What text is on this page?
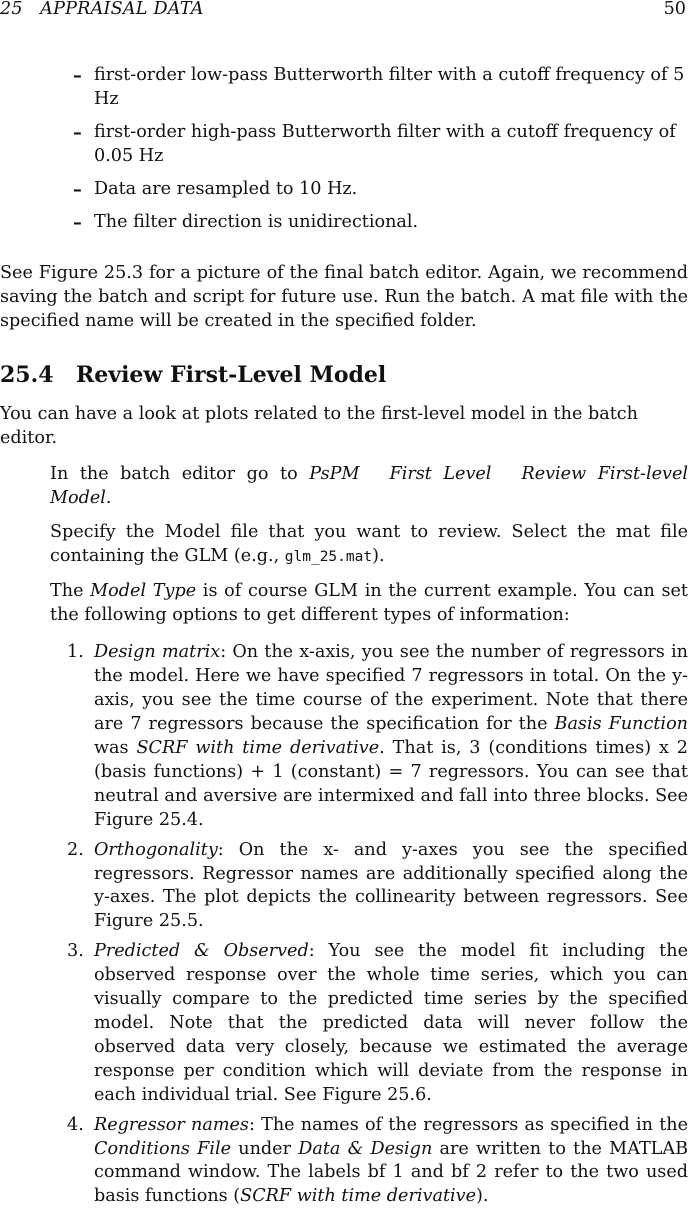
25   APPRAISAL DATA	50
– first-order low-pass Butterworth filter with a cutoff frequency of 5 Hz
– first-order high-pass Butterworth filter with a cutoff frequency of 0.05 Hz
– Data are resampled to 10 Hz.
– The filter direction is unidirectional.

See Figure 25.3 for a picture of the final batch editor. Again, we recommend saving the batch and script for future use. Run the batch. A mat file with the specified name will be created in the specified folder.

25.4 Review First-Level Model

You can have a look at plots related to the first-level model in the batch editor.

In the batch editor go to PsPM First Level Review First-level Model.

Specify the Model file that you want to review. Select the mat file containing the GLM (e.g., glm_25.mat).

The Model Type is of course GLM in the current example. You can set the following options to get different types of information:

1. Design matrix: On the x-axis, you see the number of regressors in the model. Here we have specified 7 regressors in total. On the y-axis, you see the time course of the experiment. Note that there are 7 regressors because the specification for the Basis Function was SCRF with time derivative. That is, 3 (conditions times) x 2 (basis functions) + 1 (constant) = 7 regressors. You can see that neutral and aversive are intermixed and fall into three blocks. See Figure 25.4.

2. Orthogonality: On the x- and y-axes you see the specified regressors. Regressor names are additionally specified along the y-axes. The plot depicts the collinearity between regressors. See Figure 25.5.

3. Predicted & Observed: You see the model fit including the observed response over the whole time series, which you can visually compare to the predicted time series by the specified model. Note that the predicted data will never follow the observed data very closely, because we estimated the average response per condition which will deviate from the response in each individual trial. See Figure 25.6.

4. Regressor names: The names of the regressors as specified in the Conditions File under Data & Design are written to the MATLAB command window. The labels bf 1 and bf 2 refer to the two used basis functions (SCRF with time derivative).
